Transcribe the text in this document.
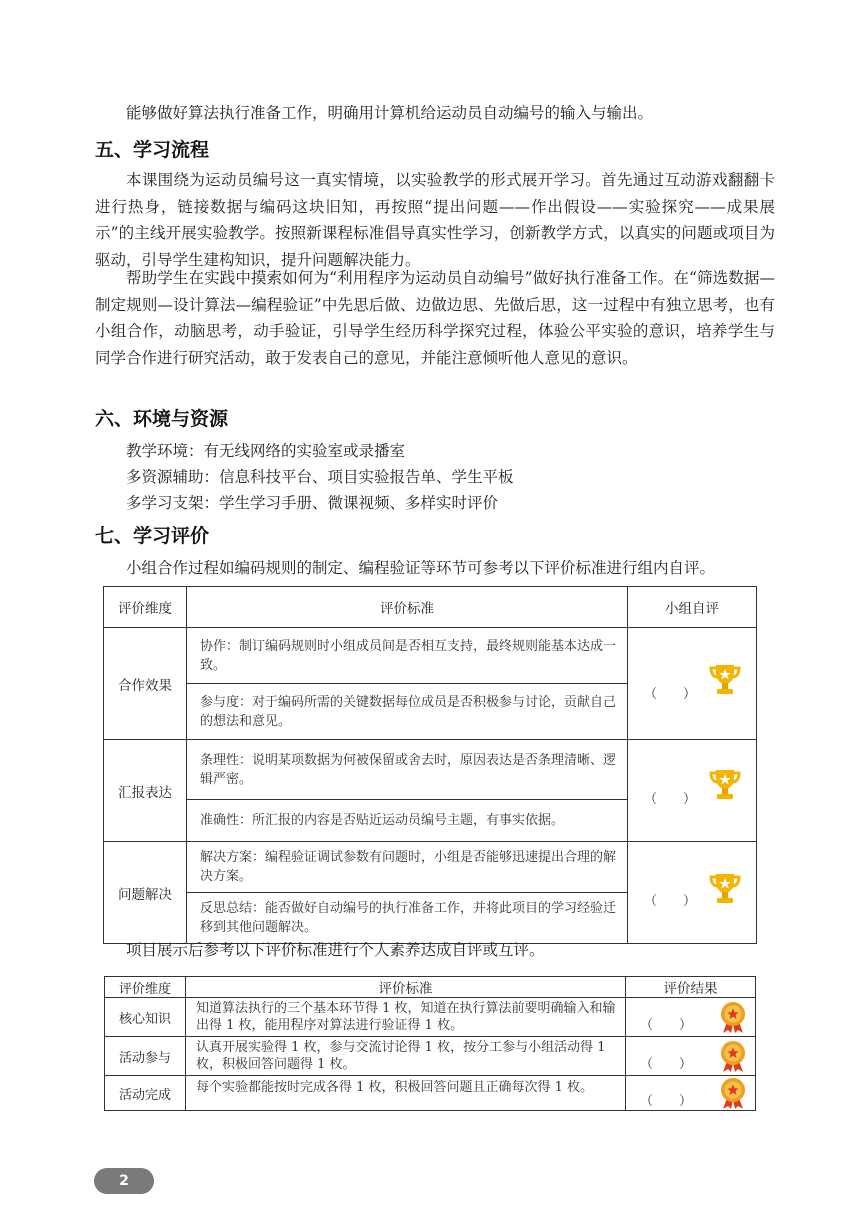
能够做好算法执行准备工作，明确用计算机给运动员自动编号的输入与输出。

五、学习流程

本课围绕为运动员编号这一真实情境，以实验教学的形式展开学习。首先通过互动游戏翻翻卡进行热身，链接数据与编码这块旧知，再按照“提出问题——作出假设——实验探究——成果展示”的主线开展实验教学。按照新课程标准倡导真实性学习，创新教学方式，以真实的问题或项目为驱动，引导学生建构知识，提升问题解决能力。

帮助学生在实践中摸索如何为“利用程序为运动员自动编号”做好执行准备工作。在“筛选数据—制定规则—设计算法—编程验证”中先思后做、边做边思、先做后思，这一过程中有独立思考，也有小组合作，动脑思考，动手验证，引导学生经历科学探究过程，体验公平实验的意识，培养学生与同学合作进行研究活动，敢于发表自己的意见，并能注意倾听他人意见的意识。

六、环境与资源
教学环境：有无线网络的实验室或录播室
多资源辅助：信息科技平台、项目实验报告单、学生平板
多学习支架：学生学习手册、微课视频、多样实时评价
七、学习评价
小组合作过程如编码规则的制定、编程验证等环节可参考以下评价标准进行组内自评。
评价维度	评价标准	小组自评
合作效果	协作：制订编码规则时小组成员间是否相互支持，最终规则能基本达成一致。	（　　）

	参与度：对于编码所需的关键数据每位成员是否积极参与讨论，贡献自己的想法和意见。	
汇报表达	条理性：说明某项数据为何被保留或舍去时，原因表达是否条理清晰、逻辑严密。	（　　）

	准确性：所汇报的内容是否贴近运动员编号主题，有事实依据。	
问题解决	解决方案：编程验证调试参数有问题时，小组是否能够迅速提出合理的解决方案。	（　　）

	反思总结：能否做好自动编号的执行准备工作，并将此项目的学习经验迁移到其他问题解决。	
项目展示后参考以下评价标准进行个人素养达成自评或互评。
评价维度	评价标准	评价结果
核心知识	知道算法执行的三个基本环节得 1 枚，知道在执行算法前要明确输入和输出得 1 枚，能用程序对算法进行验证得 1 枚。	（　　）

活动参与	认真开展实验得 1 枚，参与交流讨论得 1 枚，按分工参与小组活动得 1 枚，积极回答问题得 1 枚。	（　　）

活动完成	每个实验都能按时完成各得 1 枚，积极回答问题且正确每次得 1 枚。	（　　）
2
